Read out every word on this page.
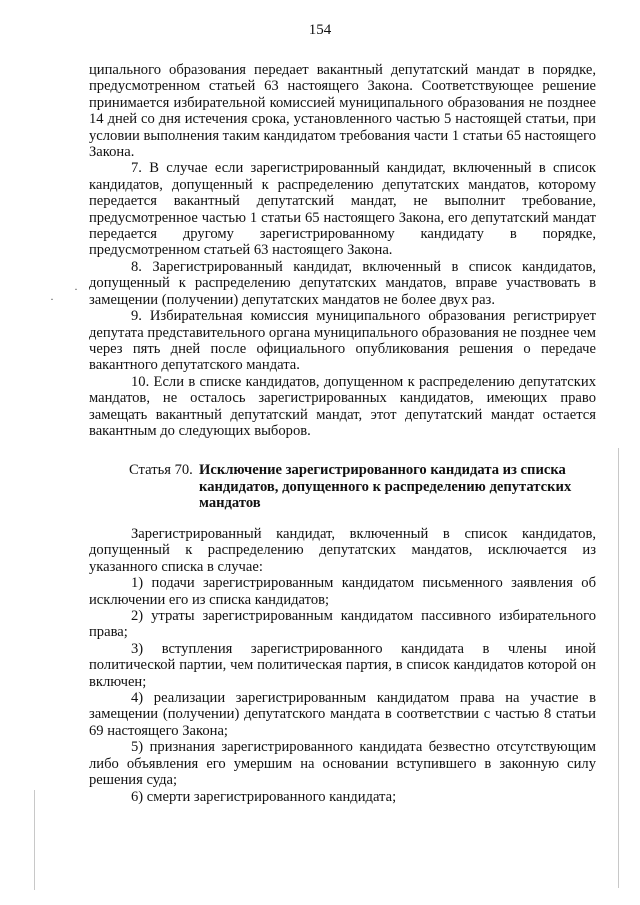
154

ципального образования передает вакантный депутатский мандат в порядке, предусмотренном статьей 63 настоящего Закона. Соответствующее решение принимается избирательной комиссией муниципального образования не позднее 14 дней со дня истечения срока, установленного частью 5 настоящей статьи, при условии выполнения таким кандидатом требования части 1 статьи 65 настоящего Закона.

7. В случае если зарегистрированный кандидат, включенный в список кандидатов, допущенный к распределению депутатских мандатов, которому передается вакантный депутатский мандат, не выполнит требование, предусмотренное частью 1 статьи 65 настоящего Закона, его депутатский мандат передается другому зарегистрированному кандидату в порядке, предусмотренном статьей 63 настоящего Закона.

8. Зарегистрированный кандидат, включенный в список кандидатов, допущенный к распределению депутатских мандатов, вправе участвовать в замещении (получении) депутатских мандатов не более двух раз.

9. Избирательная комиссия муниципального образования регистрирует депутата представительного органа муниципального образования не позднее чем через пять дней после официального опубликования решения о передаче вакантного депутатского мандата.

10. Если в списке кандидатов, допущенном к распределению депутатских мандатов, не осталось зарегистрированных кандидатов, имеющих право замещать вакантный депутатский мандат, этот депутатский мандат остается вакантным до следующих выборов.

Статья 70. Исключение зарегистрированного кандидата из списка кандидатов, допущенного к распределению депутатских мандатов

Зарегистрированный кандидат, включенный в список кандидатов, допущенный к распределению депутатских мандатов, исключается из указанного списка в случае:

1) подачи зарегистрированным кандидатом письменного заявления об исключении его из списка кандидатов;

2) утраты зарегистрированным кандидатом пассивного избирательного права;

3) вступления зарегистрированного кандидата в члены иной политической партии, чем политическая партия, в список кандидатов которой он включен;

4) реализации зарегистрированным кандидатом права на участие в замещении (получении) депутатского мандата в соответствии с частью 8 статьи 69 настоящего Закона;

5) признания зарегистрированного кандидата безвестно отсутствующим либо объявления его умершим на основании вступившего в законную силу решения суда;

6) смерти зарегистрированного кандидата;

·
·
